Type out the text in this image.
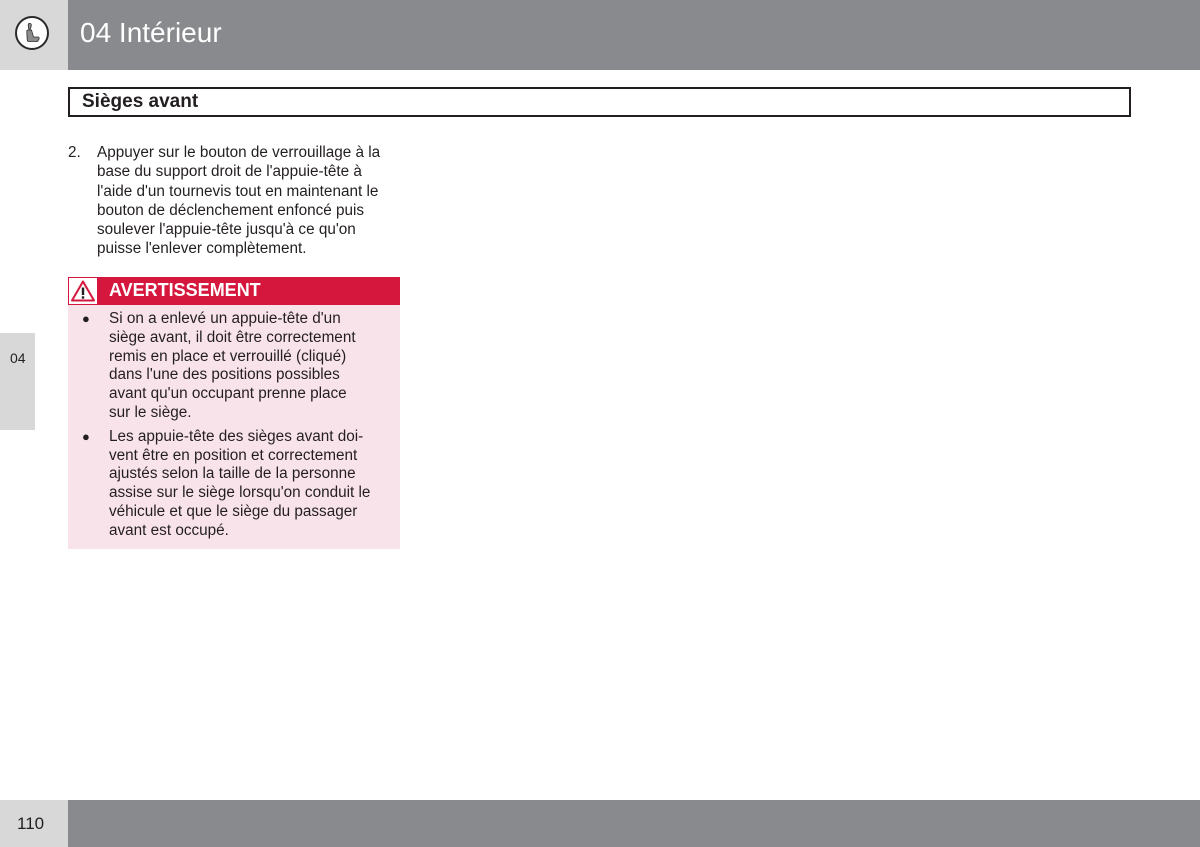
04 Intérieur
Sièges avant
04
2. Appuyer sur le bouton de verrouillage à la
base du support droit de l'appuie-tête à
l'aide d'un tournevis tout en maintenant le
bouton de déclenchement enfoncé puis
soulever l'appuie-tête jusqu'à ce qu'on
puisse l'enlever complètement.
AVERTISSEMENT
● Si on a enlevé un appuie-tête d'un
siège avant, il doit être correctement
remis en place et verrouillé (cliqué)
dans l'une des positions possibles
avant qu'un occupant prenne place
sur le siège.
● Les appuie-tête des sièges avant doi-
vent être en position et correctement
ajustés selon la taille de la personne
assise sur le siège lorsqu'on conduit le
véhicule et que le siège du passager
avant est occupé.
110
